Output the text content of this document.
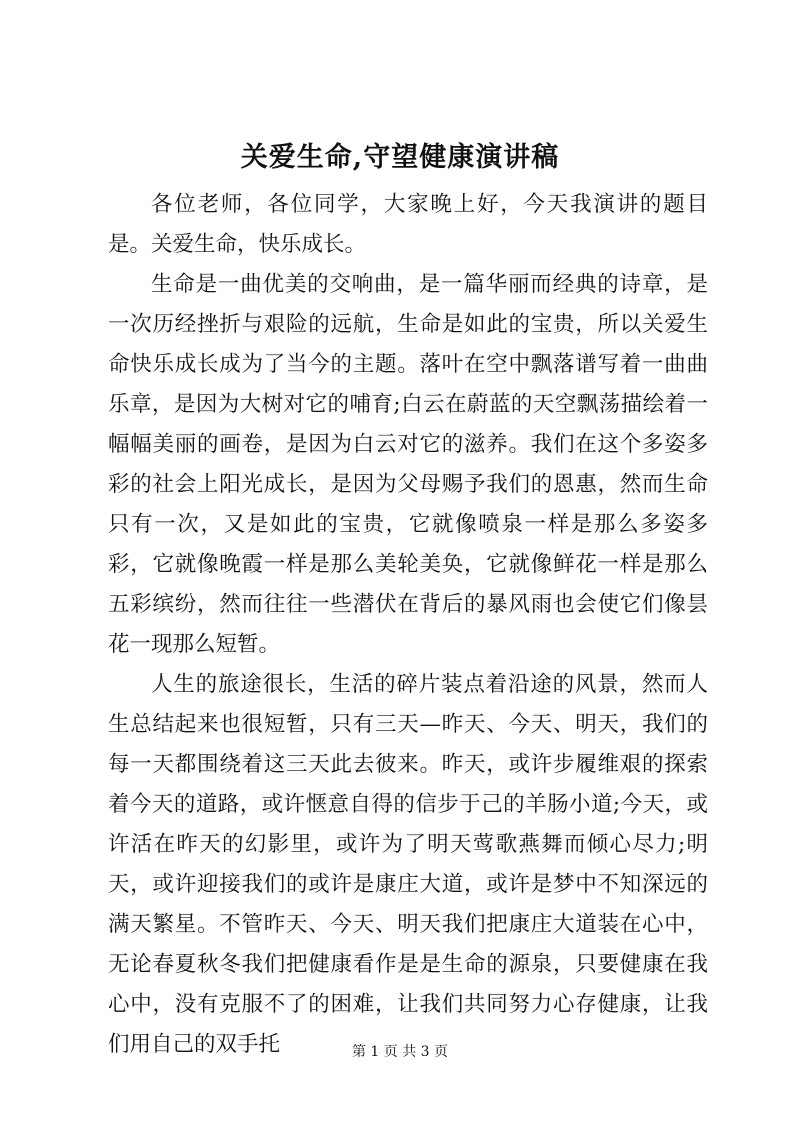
关爱生命,守望健康演讲稿

各位老师，各位同学，大家晚上好，今天我演讲的题目是。关爱生命，快乐成长。

生命是一曲优美的交响曲，是一篇华丽而经典的诗章，是一次历经挫折与艰险的远航，生命是如此的宝贵，所以关爱生命快乐成长成为了当今的主题。落叶在空中飘落谱写着一曲曲乐章，是因为大树对它的哺育;白云在蔚蓝的天空飘荡描绘着一幅幅美丽的画卷，是因为白云对它的滋养。我们在这个多姿多彩的社会上阳光成长，是因为父母赐予我们的恩惠，然而生命只有一次，又是如此的宝贵，它就像喷泉一样是那么多姿多彩，它就像晚霞一样是那么美轮美奂，它就像鲜花一样是那么五彩缤纷，然而往往一些潜伏在背后的暴风雨也会使它们像昙花一现那么短暂。

人生的旅途很长，生活的碎片装点着沿途的风景，然而人生总结起来也很短暂，只有三天—昨天、今天、明天，我们的每一天都围绕着这三天此去彼来。昨天，或许步履维艰的探索着今天的道路，或许惬意自得的信步于己的羊肠小道;今天，或许活在昨天的幻影里，或许为了明天莺歌燕舞而倾心尽力;明天，或许迎接我们的或许是康庄大道，或许是梦中不知深远的满天繁星。不管昨天、今天、明天我们把康庄大道装在心中，无论春夏秋冬我们把健康看作是是生命的源泉，只要健康在我心中，没有克服不了的困难，让我们共同努力心存健康，让我们用自己的双手托	第 1 页 共 3 页
